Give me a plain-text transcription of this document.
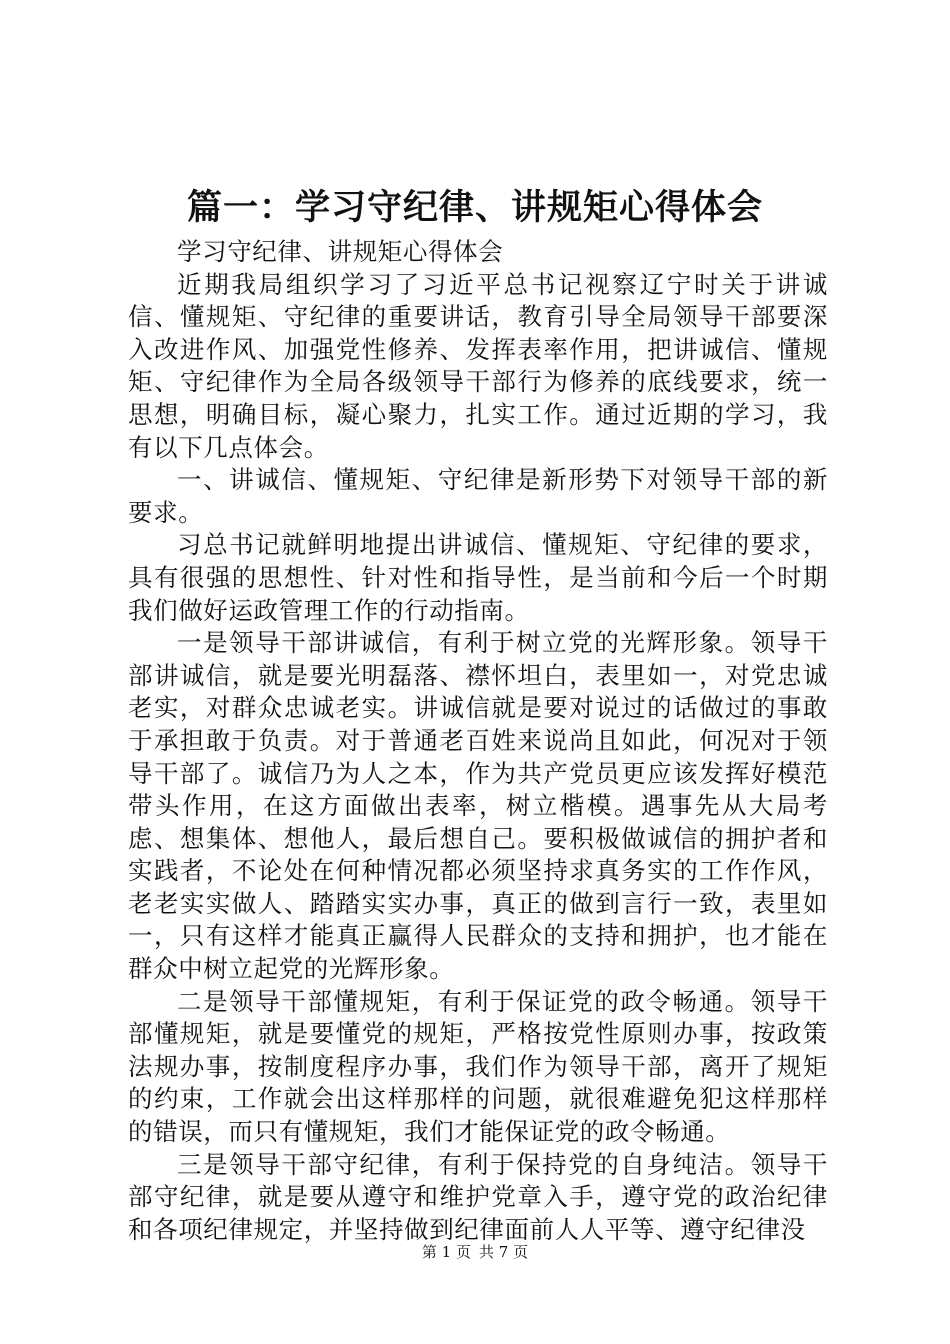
篇一：学习守纪律、讲规矩心得体会

学习守纪律、讲规矩心得体会

近期我局组织学习了习近平总书记视察辽宁时关于讲诚信、懂规矩、守纪律的重要讲话，教育引导全局领导干部要深入改进作风、加强党性修养、发挥表率作用，把讲诚信、懂规矩、守纪律作为全局各级领导干部行为修养的底线要求，统一思想，明确目标，凝心聚力，扎实工作。通过近期的学习，我有以下几点体会。

一、讲诚信、懂规矩、守纪律是新形势下对领导干部的新要求。

习总书记就鲜明地提出讲诚信、懂规矩、守纪律的要求，具有很强的思想性、针对性和指导性，是当前和今后一个时期我们做好运政管理工作的行动指南。

一是领导干部讲诚信，有利于树立党的光辉形象。领导干部讲诚信，就是要光明磊落、襟怀坦白，表里如一，对党忠诚老实，对群众忠诚老实。讲诚信就是要对说过的话做过的事敢于承担敢于负责。对于普通老百姓来说尚且如此，何况对于领导干部了。诚信乃为人之本，作为共产党员更应该发挥好模范带头作用，在这方面做出表率，树立楷模。遇事先从大局考虑、想集体、想他人，最后想自己。要积极做诚信的拥护者和实践者，不论处在何种情况都必须坚持求真务实的工作作风，老老实实做人、踏踏实实办事，真正的做到言行一致，表里如一，只有这样才能真正赢得人民群众的支持和拥护，也才能在群众中树立起党的光辉形象。

二是领导干部懂规矩，有利于保证党的政令畅通。领导干部懂规矩，就是要懂党的规矩，严格按党性原则办事，按政策法规办事，按制度程序办事，我们作为领导干部，离开了规矩的约束，工作就会出这样那样的问题，就很难避免犯这样那样的错误，而只有懂规矩，我们才能保证党的政令畅通。

三是领导干部守纪律，有利于保持党的自身纯洁。领导干部守纪律，就是要从遵守和维护党章入手，遵守党的政治纪律和各项纪律规定，并坚持做到纪律面前人人平等、遵守纪律没

第 1 页 共 7 页
